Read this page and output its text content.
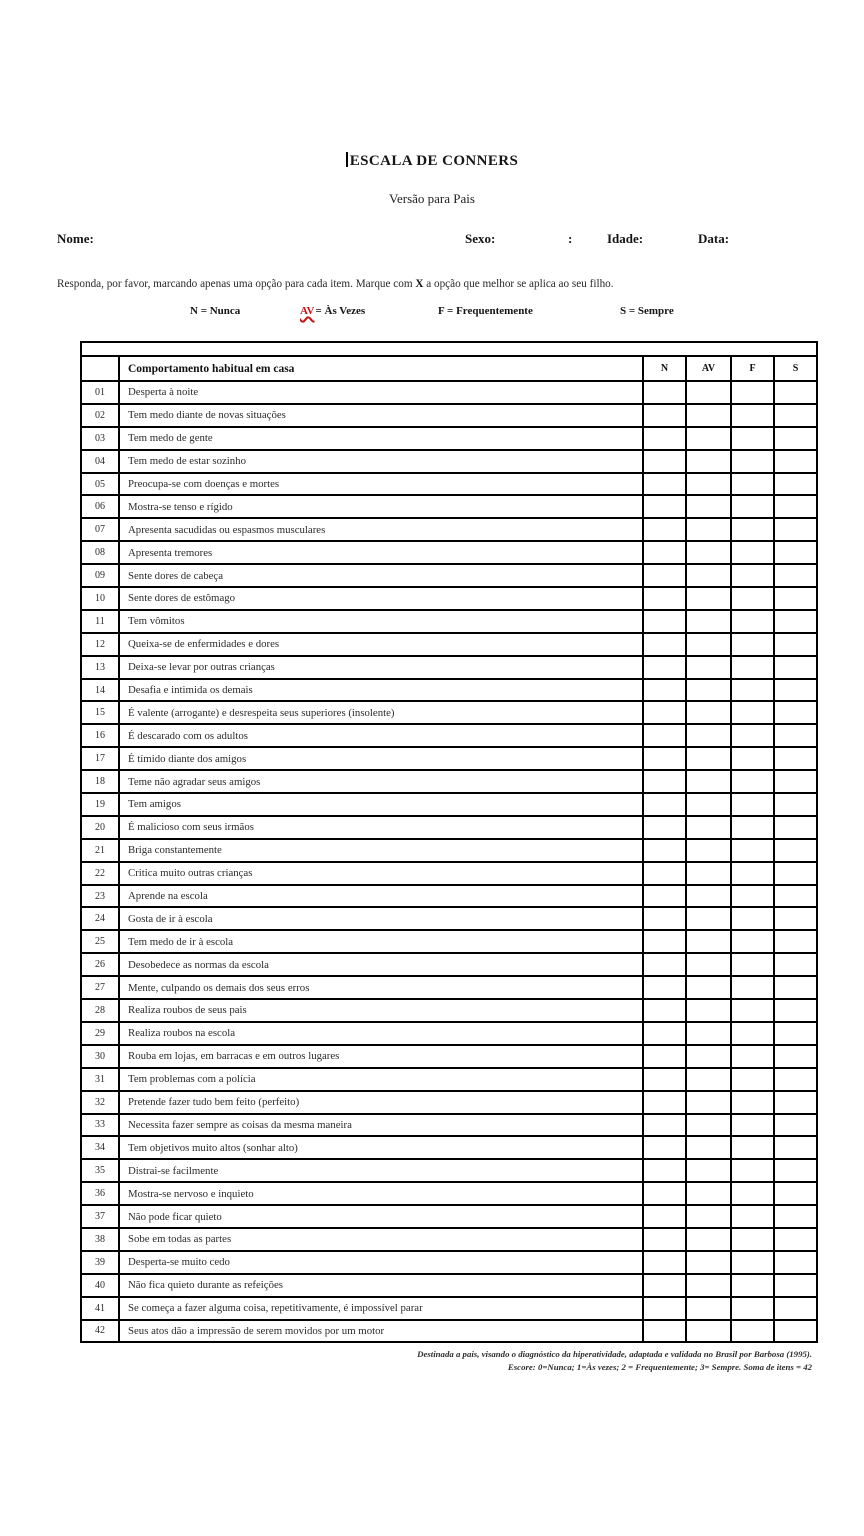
ESCALA DE CONNERS
Versão para Pais
Nome:	Sexo:	:	Idade:	Data:
Responda, por favor, marcando apenas uma opção para cada item. Marque com X a opção que melhor se aplica ao seu filho.
N = Nunca	AV= Às Vezes	F = Frequentemente	S = Sempre

	Comportamento habitual em casa	N	AV	F	S
01	Desperta à noite				
02	Tem medo diante de novas situações				
03	Tem medo de gente				
04	Tem medo de estar sozinho				
05	Preocupa-se com doenças e mortes				
06	Mostra-se tenso e rígido				
07	Apresenta sacudidas ou espasmos musculares				
08	Apresenta tremores				
09	Sente dores de cabeça				
10	Sente dores de estômago				
11	Tem vômitos				
12	Queixa-se de enfermidades e dores				
13	Deixa-se levar por outras crianças				
14	Desafia e intimida os demais				
15	É valente (arrogante) e desrespeita seus superiores (insolente)				
16	É descarado com os adultos				
17	É tímido diante dos amigos				
18	Teme não agradar seus amigos				
19	Tem amigos				
20	É malicioso com seus irmãos				
21	Briga constantemente				
22	Critica muito outras crianças				
23	Aprende na escola				
24	Gosta de ir à escola				
25	Tem medo de ir à escola				
26	Desobedece as normas da escola				
27	Mente, culpando os demais dos seus erros				
28	Realiza roubos de seus pais				
29	Realiza roubos na escola				
30	Rouba em lojas, em barracas e em outros lugares				
31	Tem problemas com a polícia				
32	Pretende fazer tudo bem feito (perfeito)				
33	Necessita fazer sempre as coisas da mesma maneira				
34	Tem objetivos muito altos (sonhar alto)				
35	Distrai-se facilmente				
36	Mostra-se nervoso e inquieto				
37	Não pode ficar quieto				
38	Sobe em todas as partes				
39	Desperta-se muito cedo				
40	Não fica quieto durante as refeições				
41	Se começa a fazer alguma coisa, repetitivamente, é impossível parar				
42	Seus atos dão a impressão de serem movidos por um motor				
Destinada a pais, visando o diagnóstico da hiperatividade, adaptada e validada no Brasil por Barbosa (1995).
Escore: 0=Nunca; 1=Às vezes; 2 = Frequentemente; 3= Sempre. Soma de itens = 42
